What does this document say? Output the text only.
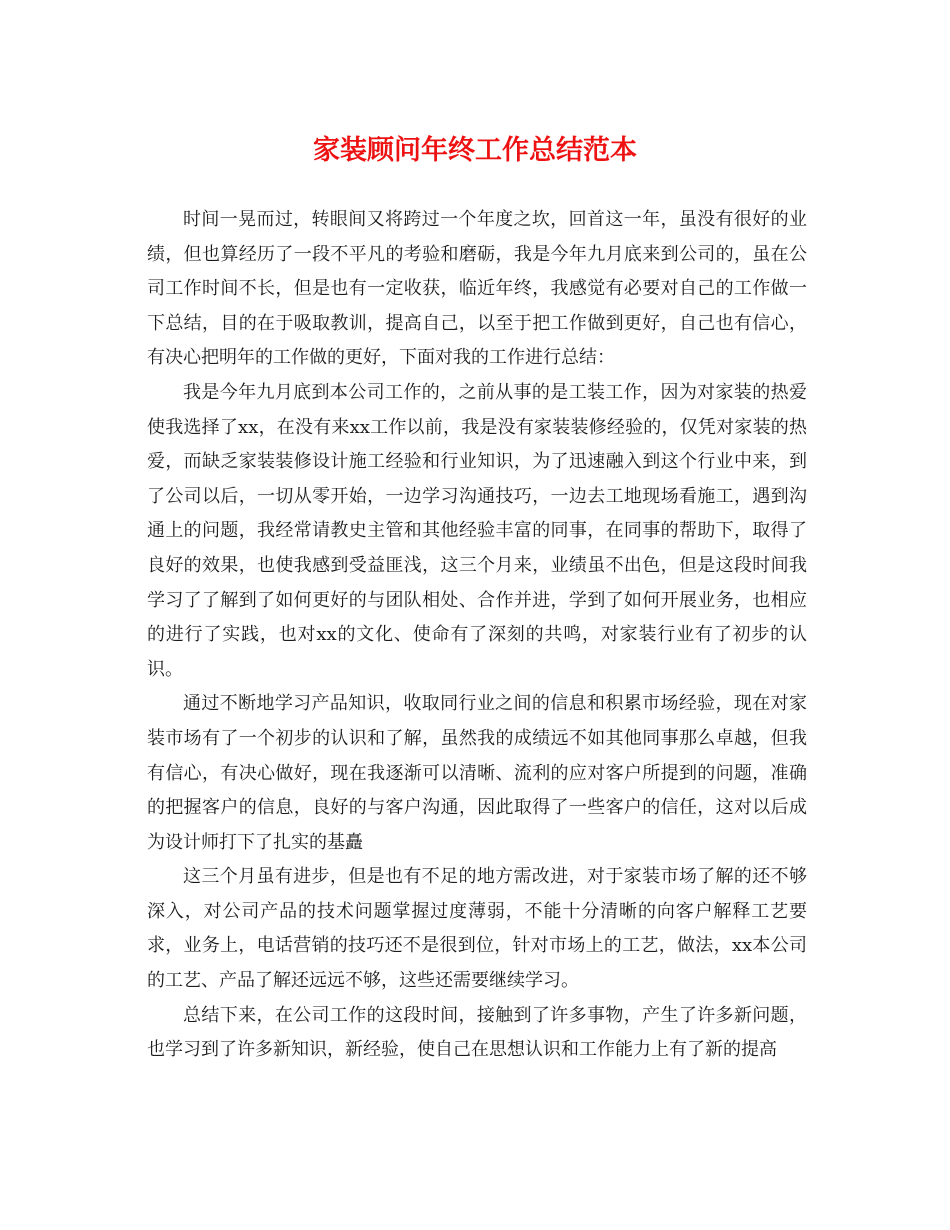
家装顾问年终工作总结范本

时间一晃而过，转眼间又将跨过一个年度之坎，回首这一年，虽没有很好的业绩，但也算经历了一段不平凡的考验和磨砺，我是今年九月底来到公司的，虽在公司工作时间不长，但是也有一定收获，临近年终，我感觉有必要对自己的工作做一下总结，目的在于吸取教训，提高自己，以至于把工作做到更好，自己也有信心，有决心把明年的工作做的更好，下面对我的工作进行总结：

我是今年九月底到本公司工作的，之前从事的是工装工作，因为对家装的热爱使我选择了xx，在没有来xx工作以前，我是没有家装装修经验的，仅凭对家装的热爱，而缺乏家装装修设计施工经验和行业知识，为了迅速融入到这个行业中来，到了公司以后，一切从零开始，一边学习沟通技巧，一边去工地现场看施工，遇到沟通上的问题，我经常请教史主管和其他经验丰富的同事，在同事的帮助下，取得了良好的效果，也使我感到受益匪浅，这三个月来，业绩虽不出色，但是这段时间我学习了了解到了如何更好的与团队相处、合作并进，学到了如何开展业务，也相应的进行了实践，也对xx的文化、使命有了深刻的共鸣，对家装行业有了初步的认识。

通过不断地学习产品知识，收取同行业之间的信息和积累市场经验，现在对家装市场有了一个初步的认识和了解，虽然我的成绩远不如其他同事那么卓越，但我有信心，有决心做好，现在我逐渐可以清晰、流利的应对客户所提到的问题，准确的把握客户的信息，良好的与客户沟通，因此取得了一些客户的信任，这对以后成为设计师打下了扎实的基矗

这三个月虽有进步，但是也有不足的地方需改进，对于家装市场了解的还不够深入，对公司产品的技术问题掌握过度薄弱，不能十分清晰的向客户解释工艺要求，业务上，电话营销的技巧还不是很到位，针对市场上的工艺，做法，xx本公司的工艺、产品了解还远远不够，这些还需要继续学习。

总结下来，在公司工作的这段时间，接触到了许多事物，产生了许多新问题，也学习到了许多新知识，新经验，使自己在思想认识和工作能力上有了新的提高
